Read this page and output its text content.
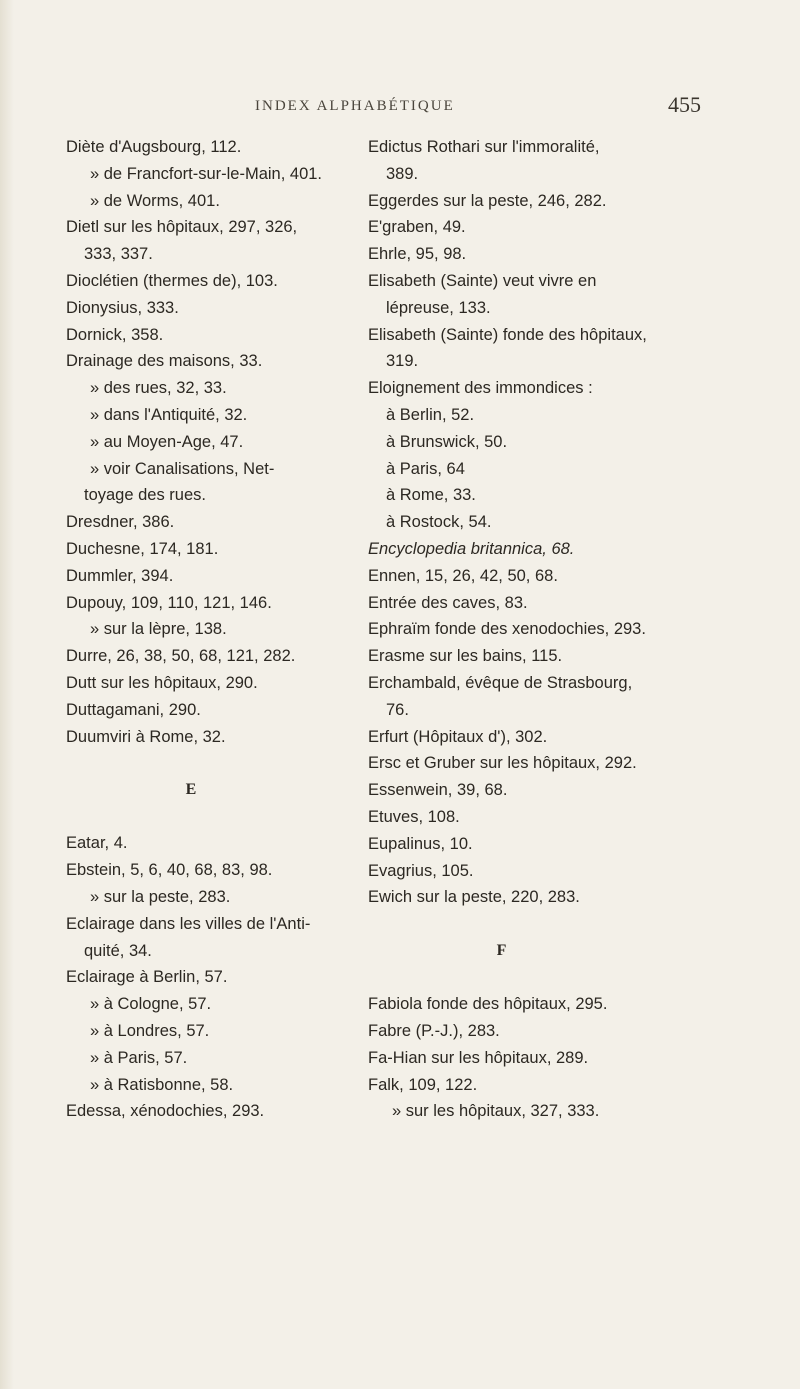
INDEX ALPHABÉTIQUE	455
Diète d'Augsbourg, 112.
» de Francfort-sur-le-Main, 401.
» de Worms, 401.
Dietl sur les hôpitaux, 297, 326,
333, 337.
Dioclétien (thermes de), 103.
Dionysius, 333.
Dornick, 358.
Drainage des maisons, 33.
» des rues, 32, 33.
» dans l'Antiquité, 32.
» au Moyen-Age, 47.
» voir Canalisations, Net-
toyage des rues.
Dresdner, 386.
Duchesne, 174, 181.
Dummler, 394.
Dupouy, 109, 110, 121, 146.
» sur la lèpre, 138.
Durre, 26, 38, 50, 68, 121, 282.
Dutt sur les hôpitaux, 290.
Duttagamani, 290.
Duumviri à Rome, 32.
E
Eatar, 4.
Ebstein, 5, 6, 40, 68, 83, 98.
» sur la peste, 283.
Eclairage dans les villes de l'Anti-
quité, 34.
Eclairage à Berlin, 57.
» à Cologne, 57.
» à Londres, 57.
» à Paris, 57.
» à Ratisbonne, 58.
Edessa, xénodochies, 293.
Edictus Rothari sur l'immoralité,
389.
Eggerdes sur la peste, 246, 282.
E'graben, 49.
Ehrle, 95, 98.
Elisabeth (Sainte) veut vivre en
lépreuse, 133.
Elisabeth (Sainte) fonde des hôpitaux,
319.
Eloignement des immondices :
à Berlin, 52.
à Brunswick, 50.
à Paris, 64
à Rome, 33.
à Rostock, 54.
Encyclopedia britannica, 68.
Ennen, 15, 26, 42, 50, 68.
Entrée des caves, 83.
Ephraïm fonde des xenodochies, 293.
Erasme sur les bains, 115.
Erchambald, évêque de Strasbourg,
76.
Erfurt (Hôpitaux d'), 302.
Ersc et Gruber sur les hôpitaux, 292.
Essenwein, 39, 68.
Etuves, 108.
Eupalinus, 10.
Evagrius, 105.
Ewich sur la peste, 220, 283.
F
Fabiola fonde des hôpitaux, 295.
Fabre (P.-J.), 283.
Fa-Hian sur les hôpitaux, 289.
Falk, 109, 122.
» sur les hôpitaux, 327, 333.
